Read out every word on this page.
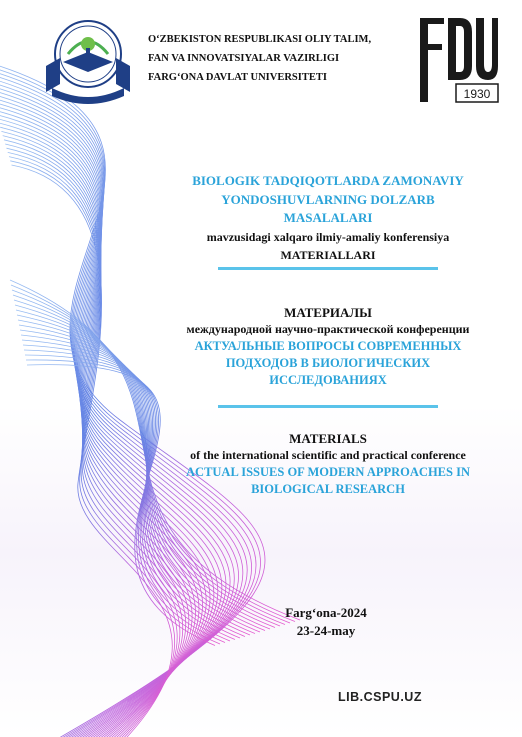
O‘ZBEKISTON RESPUBLIKASI OLIY TALIM,
FAN VA INNOVATSIYALAR VAZIRLIGI
FARG‘ONA DAVLAT UNIVERSITETI
1930
BIOLOGIK TADQIQOTLARDA ZAMONAVIY
YONDOSHUVLARNING DOLZARB
MASALALARI
mavzusidagi xalqaro ilmiy-amaliy konferensiya
MATERIALLARI
МАТЕРИАЛЫ
международной научно-практической конференции
АКТУАЛЬНЫЕ ВОПРОСЫ СОВРЕМЕННЫХ
ПОДХОДОВ В БИОЛОГИЧЕСКИХ
ИССЛЕДОВАНИЯХ
MATERIALS
of the international scientific and practical conference
ACTUAL ISSUES OF MODERN APPROACHES IN
BIOLOGICAL RESEARCH
Farg‘ona-2024
23-24-may
LIB.CSPU.UZ
